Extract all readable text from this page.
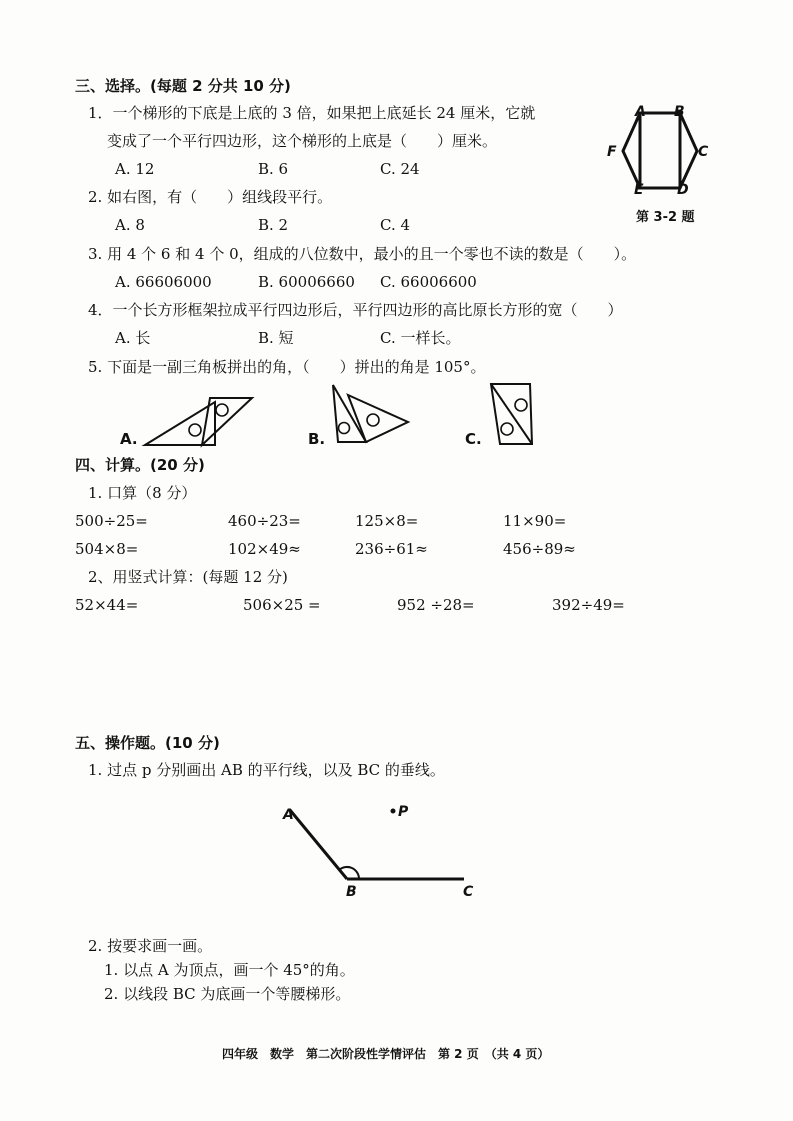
三、选择。(每题 2 分共 10 分)
1．一个梯形的下底是上底的 3 倍，如果把上底延长 24 厘米，它就
变成了一个平行四边形，这个梯形的上底是（　　）厘米。
A. 12	B. 6	C. 24
2. 如右图，有（　　）组线段平行。
A. 8	B. 2	C. 4
3. 用 4 个 6 和 4 个 0，组成的八位数中，最小的且一个零也不读的数是（　　）。
A. 66606000	B. 60006660 C. 66006600
4．一个长方形框架拉成平行四边形后，平行四边形的高比原长方形的宽（　　）
A. 长	B. 短	C. 一样长。
5. 下面是一副三角板拼出的角，（　　）拼出的角是 105°。
A B
C
D
E
F
第 3-2 题
A.	B.	C.
四、计算。(20 分)
1. 口算（8 分）
500÷25=	460÷23=	125×8=	11×90=
504×8=	102×49≈	236÷61≈	456÷89≈
2、用竖式计算：(每题 12 分)
52×44=	506×25 =	952 ÷28=	392÷49=
五、操作题。(10 分)
1. 过点 p 分别画出 AB 的平行线，以及 BC 的垂线。
A	P
B	C
2. 按要求画一画。
1. 以点 A 为顶点，画一个 45°的角。
2. 以线段 BC 为底画一个等腰梯形。
四年级　数学　第二次阶段性学情评估　第 2 页　（共 4 页）
